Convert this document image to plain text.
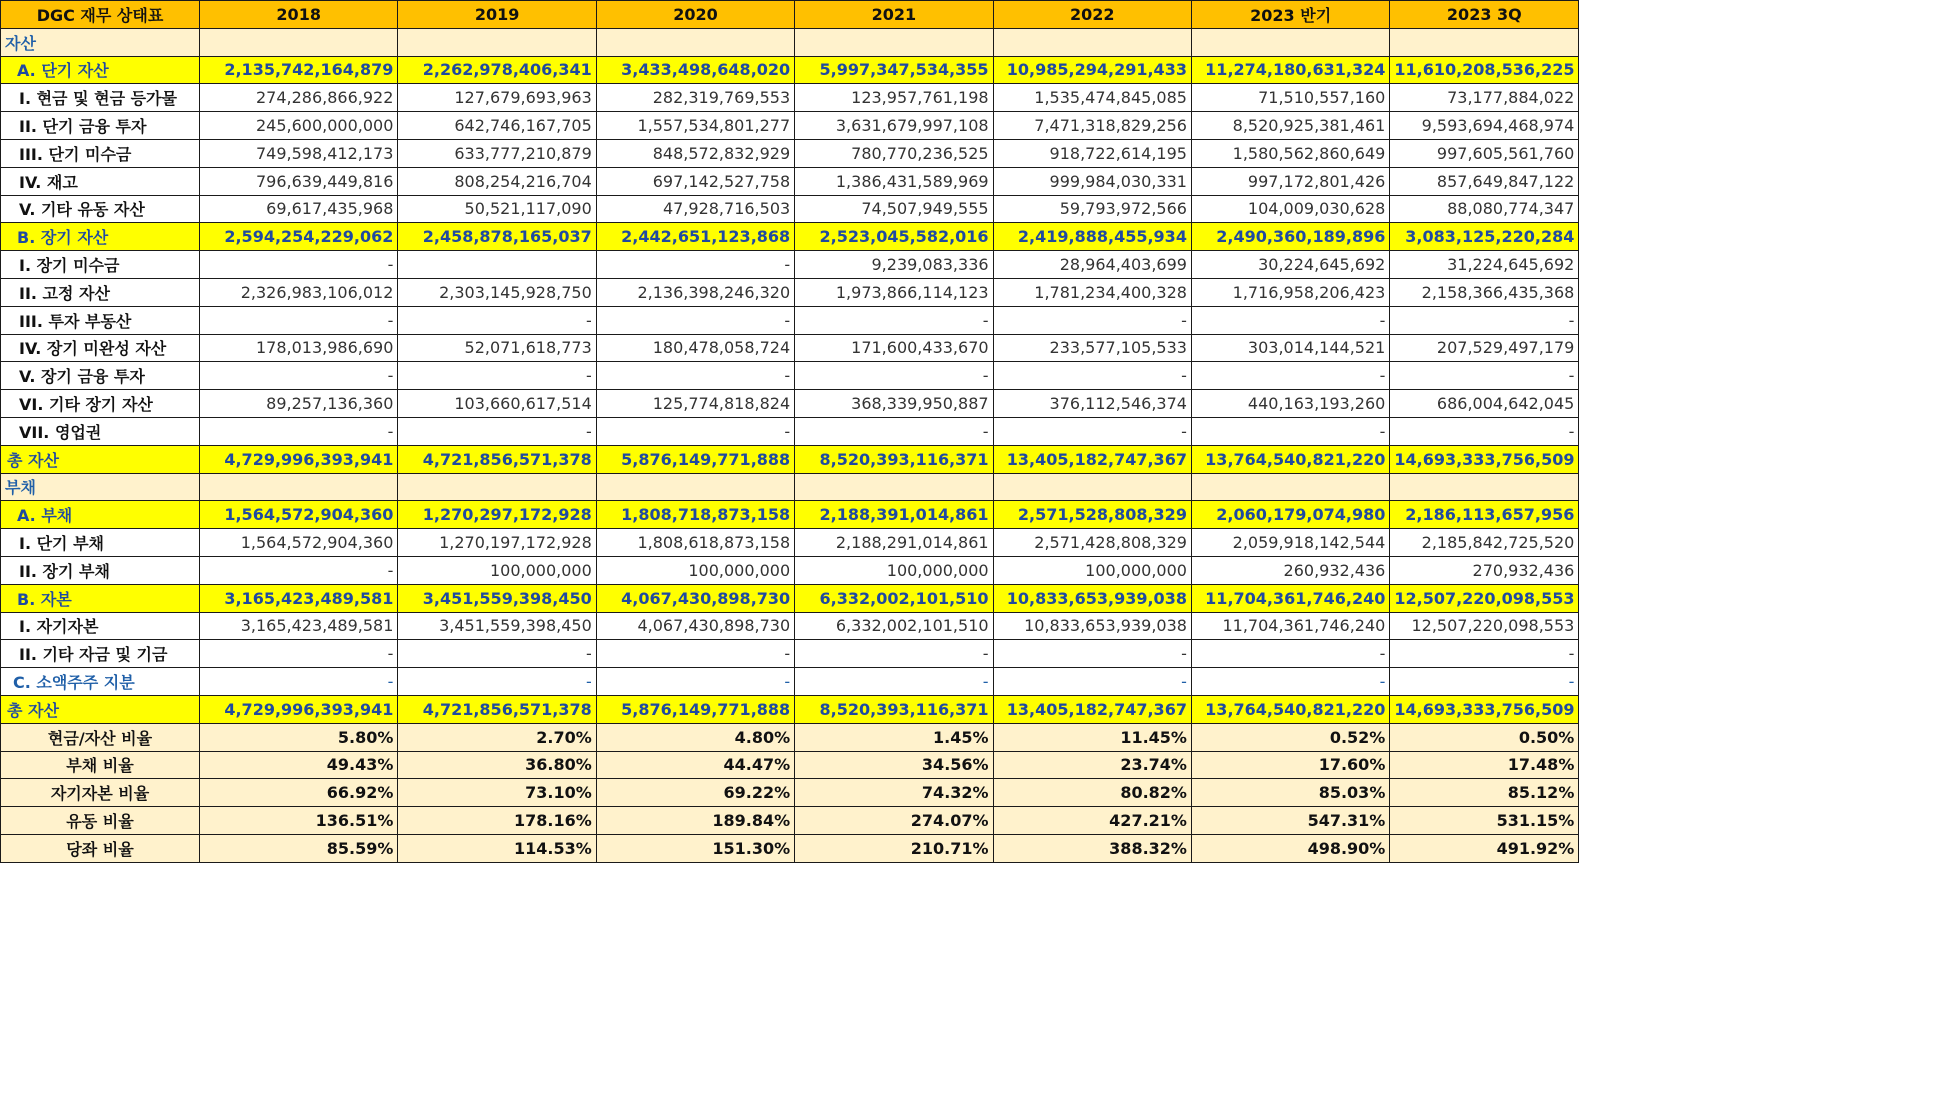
DGC 재무 상태표	2018	2019	2020	2021	2022	2023 반기	2023 3Q
자산							
A. 단기 자산	2,135,742,164,879	2,262,978,406,341	3,433,498,648,020	5,997,347,534,355	10,985,294,291,433	11,274,180,631,324	11,610,208,536,225
I. 현금 및 현금 등가물	274,286,866,922	127,679,693,963	282,319,769,553	123,957,761,198	1,535,474,845,085	71,510,557,160	73,177,884,022
II. 단기 금융 투자	245,600,000,000	642,746,167,705	1,557,534,801,277	3,631,679,997,108	7,471,318,829,256	8,520,925,381,461	9,593,694,468,974
III. 단기 미수금	749,598,412,173	633,777,210,879	848,572,832,929	780,770,236,525	918,722,614,195	1,580,562,860,649	997,605,561,760
IV. 재고	796,639,449,816	808,254,216,704	697,142,527,758	1,386,431,589,969	999,984,030,331	997,172,801,426	857,649,847,122
V. 기타 유동 자산	69,617,435,968	50,521,117,090	47,928,716,503	74,507,949,555	59,793,972,566	104,009,030,628	88,080,774,347
B. 장기 자산	2,594,254,229,062	2,458,878,165,037	2,442,651,123,868	2,523,045,582,016	2,419,888,455,934	2,490,360,189,896	3,083,125,220,284
I. 장기 미수금	-		-	9,239,083,336	28,964,403,699	30,224,645,692	31,224,645,692
II. 고정 자산	2,326,983,106,012	2,303,145,928,750	2,136,398,246,320	1,973,866,114,123	1,781,234,400,328	1,716,958,206,423	2,158,366,435,368
III. 투자 부동산	-	-	-	-	-	-	-
IV. 장기 미완성 자산	178,013,986,690	52,071,618,773	180,478,058,724	171,600,433,670	233,577,105,533	303,014,144,521	207,529,497,179
V. 장기 금융 투자	-	-	-	-	-	-	-
VI. 기타 장기 자산	89,257,136,360	103,660,617,514	125,774,818,824	368,339,950,887	376,112,546,374	440,163,193,260	686,004,642,045
VII. 영업권	-	-	-	-	-	-	-
총 자산	4,729,996,393,941	4,721,856,571,378	5,876,149,771,888	8,520,393,116,371	13,405,182,747,367	13,764,540,821,220	14,693,333,756,509
부채							
A. 부채	1,564,572,904,360	1,270,297,172,928	1,808,718,873,158	2,188,391,014,861	2,571,528,808,329	2,060,179,074,980	2,186,113,657,956
I. 단기 부채	1,564,572,904,360	1,270,197,172,928	1,808,618,873,158	2,188,291,014,861	2,571,428,808,329	2,059,918,142,544	2,185,842,725,520
II. 장기 부채	-	100,000,000	100,000,000	100,000,000	100,000,000	260,932,436	270,932,436
B. 자본	3,165,423,489,581	3,451,559,398,450	4,067,430,898,730	6,332,002,101,510	10,833,653,939,038	11,704,361,746,240	12,507,220,098,553
I. 자기자본	3,165,423,489,581	3,451,559,398,450	4,067,430,898,730	6,332,002,101,510	10,833,653,939,038	11,704,361,746,240	12,507,220,098,553
II. 기타 자금 및 기금	-	-	-	-	-	-	-
C. 소액주주 지분	-	-	-	-	-	-	-
총 자산	4,729,996,393,941	4,721,856,571,378	5,876,149,771,888	8,520,393,116,371	13,405,182,747,367	13,764,540,821,220	14,693,333,756,509
현금/자산 비율	5.80%	2.70%	4.80%	1.45%	11.45%	0.52%	0.50%
부채 비율	49.43%	36.80%	44.47%	34.56%	23.74%	17.60%	17.48%
자기자본 비율	66.92%	73.10%	69.22%	74.32%	80.82%	85.03%	85.12%
유동 비율	136.51%	178.16%	189.84%	274.07%	427.21%	547.31%	531.15%
당좌 비율	85.59%	114.53%	151.30%	210.71%	388.32%	498.90%	491.92%
